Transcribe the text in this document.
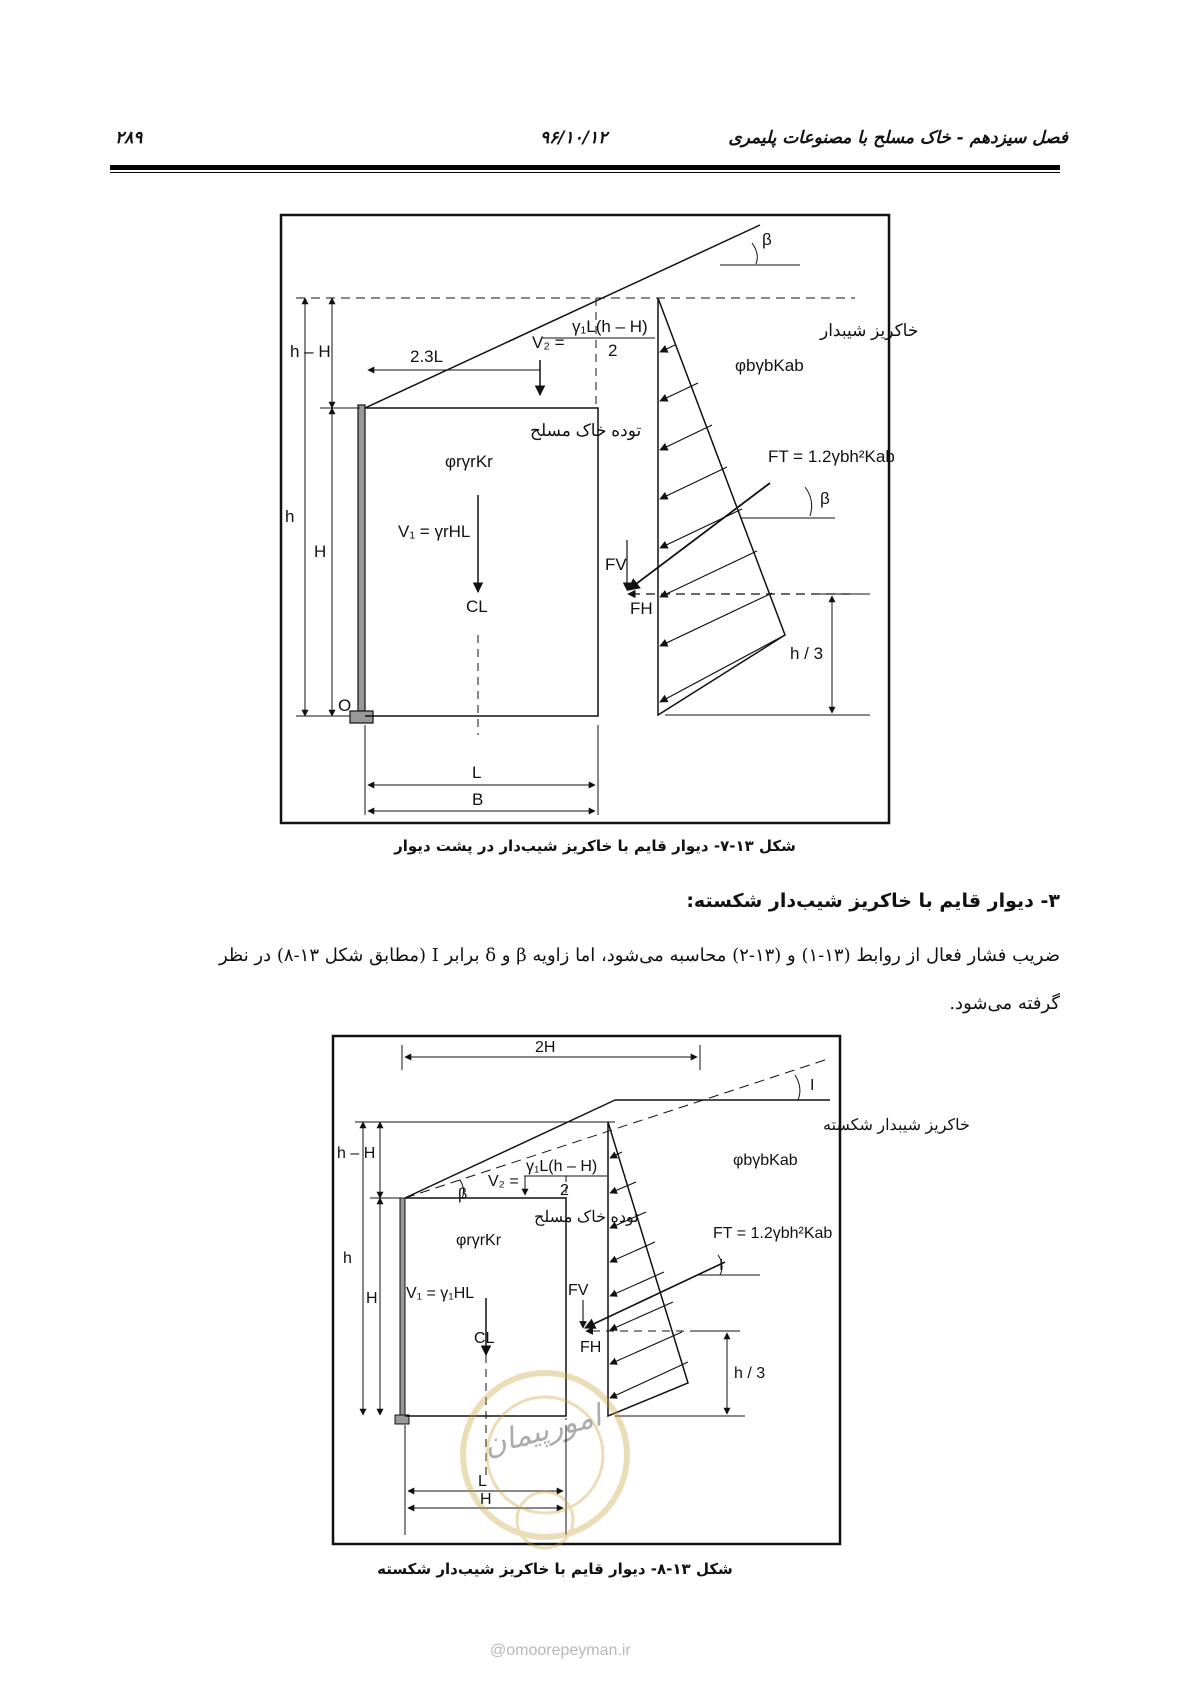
فصل سیزدهم - خاک مسلح با مصنوعات پلیمری
۹۶/۱۰/۱۲
۲۸۹
β
h – H	2.3L
V₂ =
γ₁L(h – H)
2
خاکریز شیبدار
φbγbKab
توده خاک مسلح
φrγrKr	FT = 1.2γbh²Kab
β
h
H
V₁ = γrHL
FV
CL	FH
h / 3
O
L
B
2H
I
خاکریز شیبدار شکسته
φbγbKab
h – H
V₂ =
γ₁L(h – H)
2
β
توده خاک مسلح
φrγrKr	FT = 1.2γbh²Kab
I
h
H V₁ = γ₁HL	FV
CL
FH
h / 3
L
H
امورپیمان
شکل ۱۳-۷- دیوار قایم با خاکریز شیب‌دار در پشت دیوار
۳- دیوار قایم با خاکریز شیب‌دار شکسته:
ضریب فشار فعال از روابط (۱۳-۱) و (۱۳-۲) محاسبه می‌شود، اما زاویه β و δ برابر I (مطابق شکل ۱۳-۸) در نظر
گرفته می‌شود.
شکل ۱۳-۸- دیوار قایم با خاکریز شیب‌دار شکسته
@omoorepeyman.ir
